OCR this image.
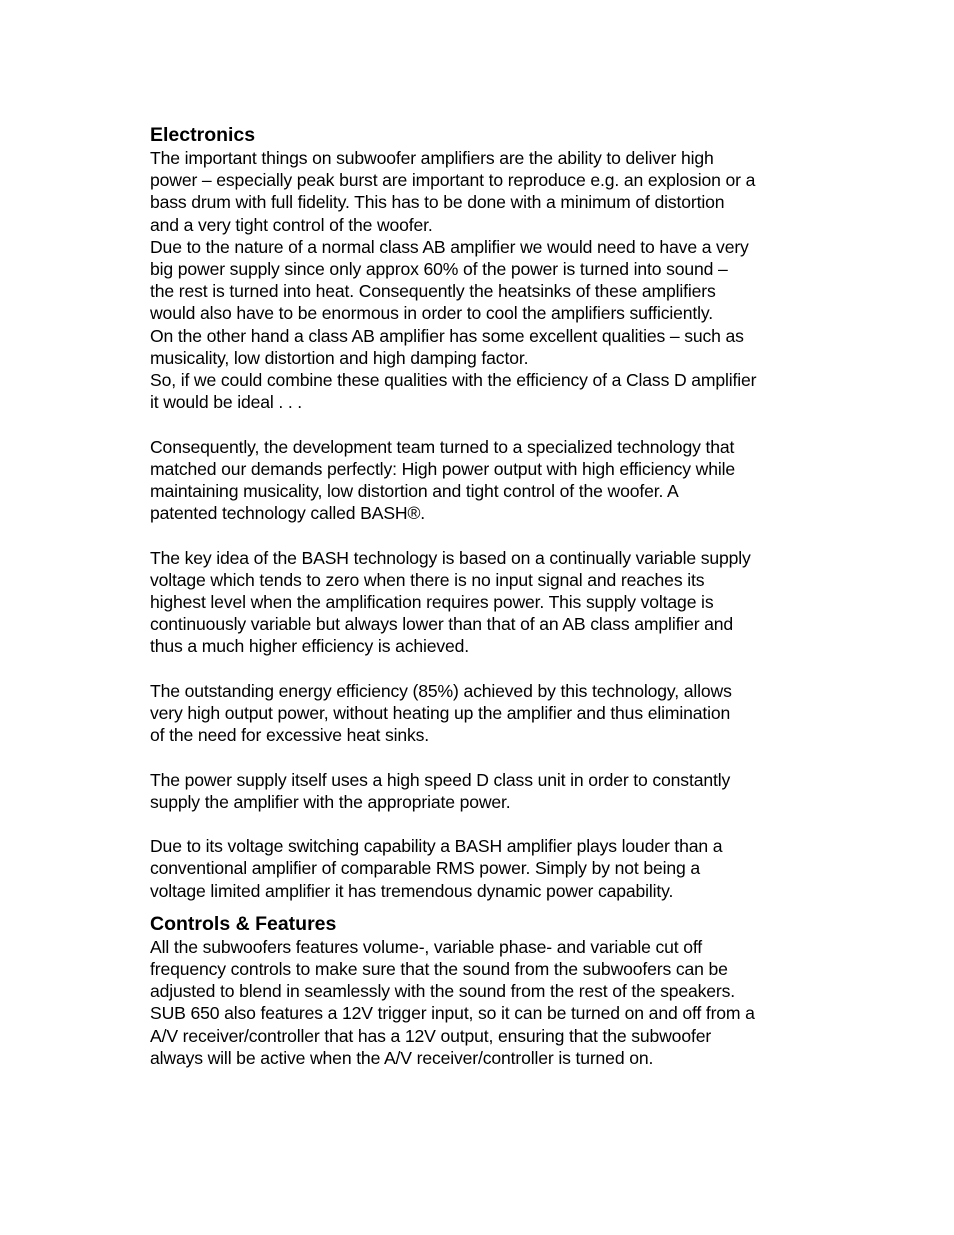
Electronics
The important things on subwoofer amplifiers are the ability to deliver high
power – especially peak burst are important to reproduce e.g. an explosion or a
bass drum with full fidelity. This has to be done with a minimum of distortion
and a very tight control of the woofer.
Due to the nature of a normal class AB amplifier we would need to have a very
big power supply since only approx 60% of the power is turned into sound –
the rest is turned into heat. Consequently the heatsinks of these amplifiers
would also have to be enormous in order to cool the amplifiers sufficiently.
On the other hand a class AB amplifier has some excellent qualities – such as
musicality, low distortion and high damping factor.
So, if we could combine these qualities with the efficiency of a Class D amplifier
it would be ideal . . .
Consequently, the development team turned to a specialized technology that
matched our demands perfectly: High power output with high efficiency while
maintaining musicality, low distortion and tight control of the woofer. A
patented technology called BASH®.
The key idea of the BASH technology is based on a continually variable supply
voltage which tends to zero when there is no input signal and reaches its
highest level when the amplification requires power. This supply voltage is
continuously variable but always lower than that of an AB class amplifier and
thus a much higher efficiency is achieved.
The outstanding energy efficiency (85%) achieved by this technology, allows
very high output power, without heating up the amplifier and thus elimination
of the need for excessive heat sinks.
The power supply itself uses a high speed D class unit in order to constantly
supply the amplifier with the appropriate power.
Due to its voltage switching capability a BASH amplifier plays louder than a
conventional amplifier of comparable RMS power. Simply by not being a
voltage limited amplifier it has tremendous dynamic power capability.
Controls & Features
All the subwoofers features volume-, variable phase- and variable cut off
frequency controls to make sure that the sound from the subwoofers can be
adjusted to blend in seamlessly with the sound from the rest of the speakers.
SUB 650 also features a 12V trigger input, so it can be turned on and off from a
A/V receiver/controller that has a 12V output, ensuring that the subwoofer
always will be active when the A/V receiver/controller is turned on.
